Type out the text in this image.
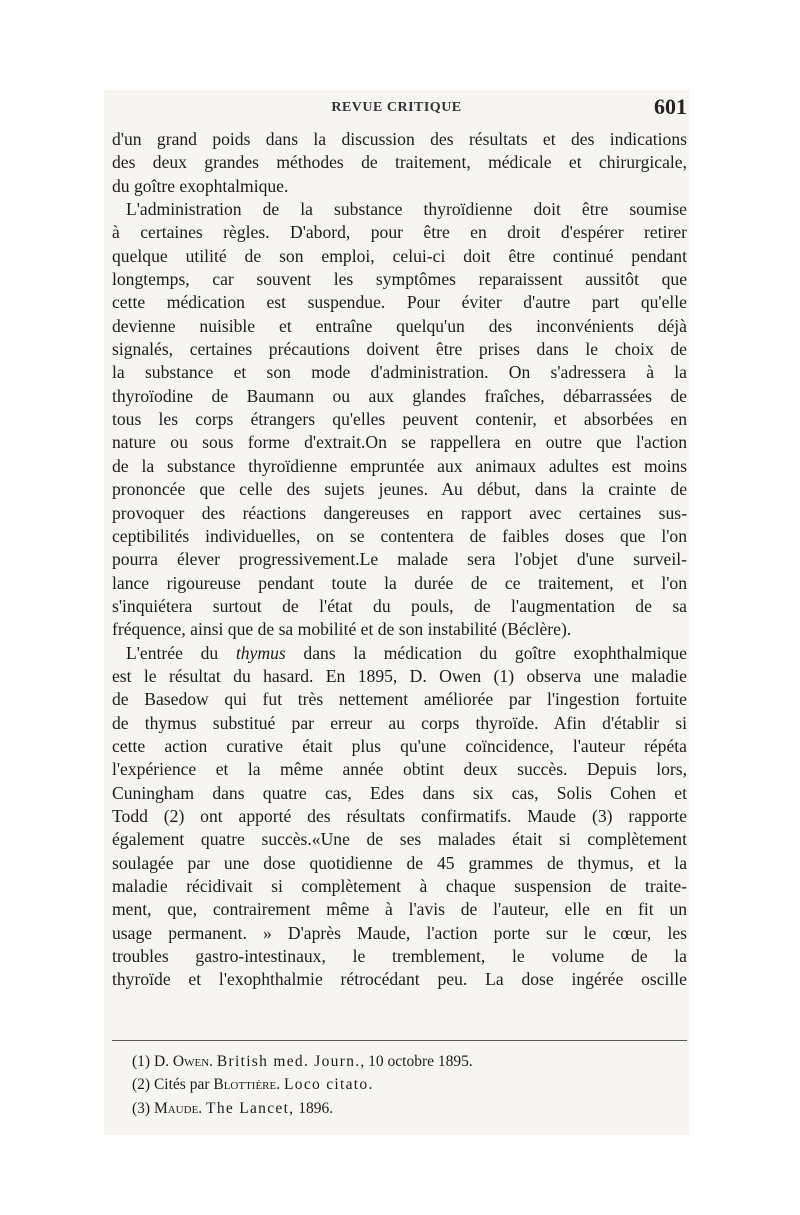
REVUE CRITIQUE	601
d'un grand poids dans la discussion des résultats et des indications
des deux grandes méthodes de traitement, médicale et chirurgicale,
du goître exophtalmique.
L'administration de la substance thyroïdienne doit être soumise
à certaines règles. D'abord, pour être en droit d'espérer retirer
quelque utilité de son emploi, celui-ci doit être continué pendant
longtemps, car souvent les symptômes reparaissent aussitôt que
cette médication est suspendue. Pour éviter d'autre part qu'elle
devienne nuisible et entraîne quelqu'un des inconvénients déjà
signalés, certaines précautions doivent être prises dans le choix de
la substance et son mode d'administration. On s'adressera à la
thyroïodine de Baumann ou aux glandes fraîches, débarrassées de
tous les corps étrangers qu'elles peuvent contenir, et absorbées en
nature ou sous forme d'extrait.On se rappellera en outre que l'action
de la substance thyroïdienne empruntée aux animaux adultes est moins
prononcée que celle des sujets jeunes. Au début, dans la crainte de
provoquer des réactions dangereuses en rapport avec certaines sus-
ceptibilités individuelles, on se contentera de faibles doses que l'on
pourra élever progressivement.Le malade sera l'objet d'une surveil-
lance rigoureuse pendant toute la durée de ce traitement, et l'on
s'inquiétera surtout de l'état du pouls, de l'augmentation de sa
fréquence, ainsi que de sa mobilité et de son instabilité (Béclère).
L'entrée du thymus dans la médication du goître exophthalmique
est le résultat du hasard. En 1895, D. Owen (1) observa une maladie
de Basedow qui fut très nettement améliorée par l'ingestion fortuite
de thymus substitué par erreur au corps thyroïde. Afin d'établir si
cette action curative était plus qu'une coïncidence, l'auteur répéta
l'expérience et la même année obtint deux succès. Depuis lors,
Cuningham dans quatre cas, Edes dans six cas, Solis Cohen et
Todd (2) ont apporté des résultats confirmatifs. Maude (3) rapporte
également quatre succès.«Une de ses malades était si complètement
soulagée par une dose quotidienne de 45 grammes de thymus, et la
maladie récidivait si complètement à chaque suspension de traite-
ment, que, contrairement même à l'avis de l'auteur, elle en fit un
usage permanent. » D'après Maude, l'action porte sur le cœur, les
troubles gastro-intestinaux, le tremblement, le volume de la
thyroïde et l'exophthalmie rétrocédant peu. La dose ingérée oscille
(1) D. Owen. British med. Journ., 10 octobre 1895.
(2) Cités par Blottière. Loco citato.
(3) Maude. The Lancet, 1896.
